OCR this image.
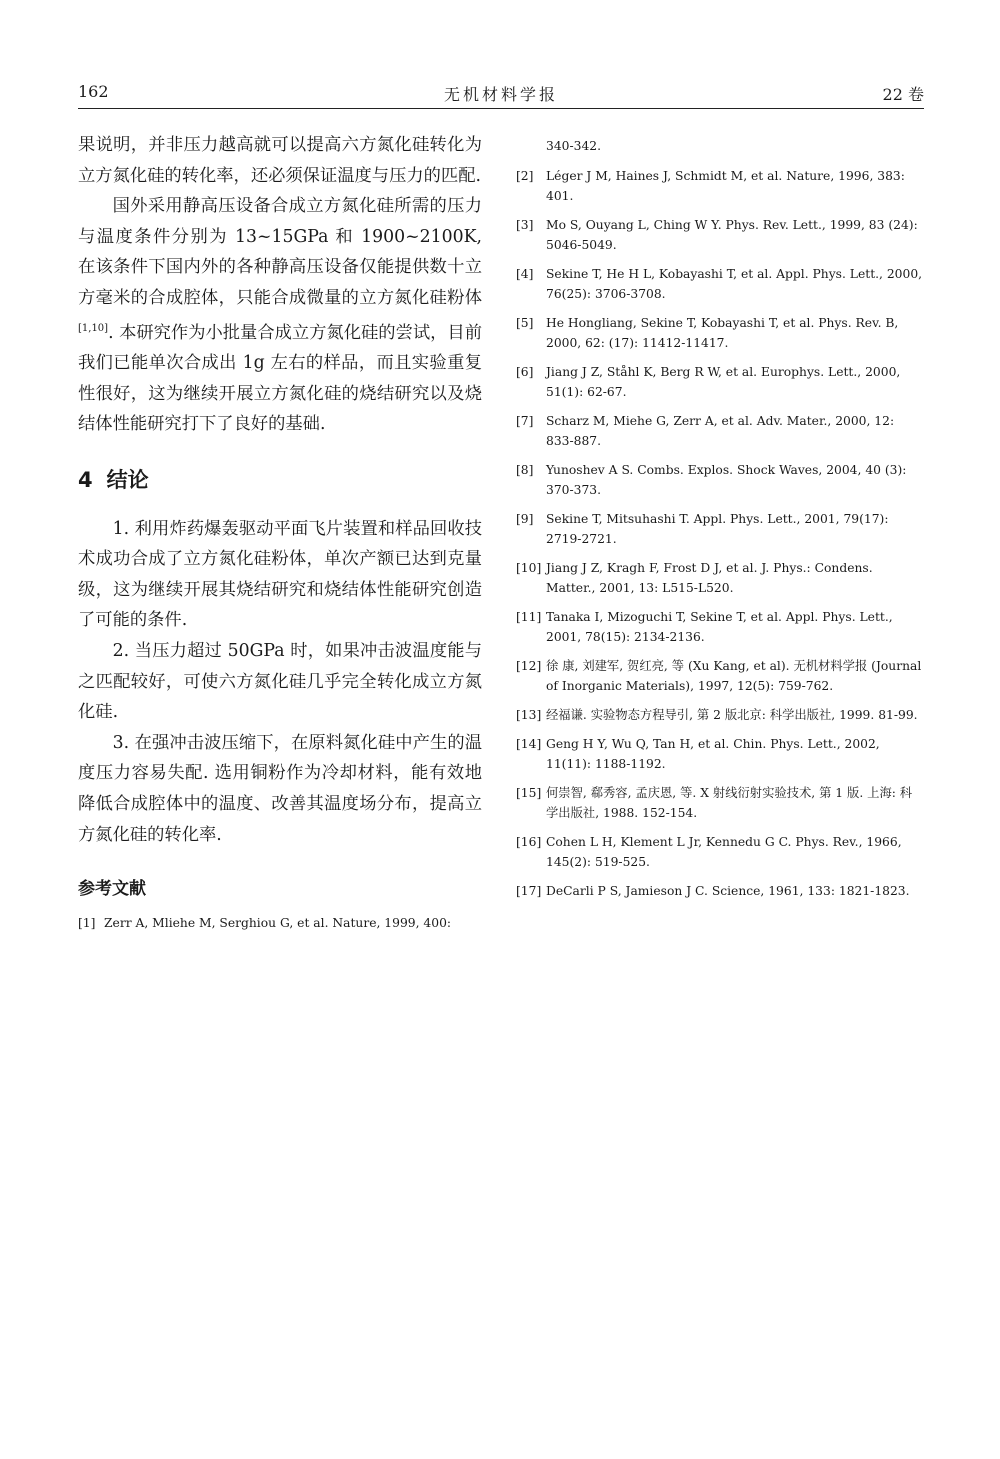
162	无机材料学报	22 卷

果说明，并非压力越高就可以提高六方氮化硅转化为立方氮化硅的转化率，还必须保证温度与压力的匹配.

国外采用静高压设备合成立方氮化硅所需的压力与温度条件分别为 13~15GPa 和 1900~2100K, 在该条件下国内外的各种静高压设备仅能提供数十立方毫米的合成腔体，只能合成微量的立方氮化硅粉体[1,10]. 本研究作为小批量合成立方氮化硅的尝试，目前我们已能单次合成出 1g 左右的样品，而且实验重复性很好，这为继续开展立方氮化硅的烧结研究以及烧结体性能研究打下了良好的基础.

4 结论

1. 利用炸药爆轰驱动平面飞片装置和样品回收技术成功合成了立方氮化硅粉体，单次产额已达到克量级，这为继续开展其烧结研究和烧结体性能研究创造了可能的条件.

2. 当压力超过 50GPa 时，如果冲击波温度能与之匹配较好，可使六方氮化硅几乎完全转化成立方氮化硅.

3. 在强冲击波压缩下，在原料氮化硅中产生的温度压力容易失配. 选用铜粉作为冷却材料，能有效地降低合成腔体中的温度、改善其温度场分布，提高立方氮化硅的转化率.

参考文献
[1] Zerr A, Mliehe M, Serghiou G, et al. Nature, 1999, 400:
340-342.
[2] Léger J M, Haines J, Schmidt M, et al. Nature, 1996, 383: 401.
[3] Mo S, Ouyang L, Ching W Y. Phys. Rev. Lett., 1999, 83 (24): 5046-5049.
[4] Sekine T, He H L, Kobayashi T, et al. Appl. Phys. Lett., 2000, 76(25): 3706-3708.
[5] He Hongliang, Sekine T, Kobayashi T, et al. Phys. Rev. B, 2000, 62: (17): 11412-11417.
[6] Jiang J Z, Ståhl K, Berg R W, et al. Europhys. Lett., 2000, 51(1): 62-67.
[7] Scharz M, Miehe G, Zerr A, et al. Adv. Mater., 2000, 12: 833-887.
[8] Yunoshev A S. Combs. Explos. Shock Waves, 2004, 40 (3): 370-373.
[9] Sekine T, Mitsuhashi T. Appl. Phys. Lett., 2001, 79(17): 2719-2721.
[10] Jiang J Z, Kragh F, Frost D J, et al. J. Phys.: Condens. Matter., 2001, 13: L515-L520.
[11] Tanaka I, Mizoguchi T, Sekine T, et al. Appl. Phys. Lett., 2001, 78(15): 2134-2136.
[12] 徐 康, 刘建军, 贺红亮, 等 (Xu Kang, et al). 无机材料学报 (Journal of Inorganic Materials), 1997, 12(5): 759-762.
[13] 经福谦. 实验物态方程导引, 第 2 版北京: 科学出版社, 1999. 81-99.
[14] Geng H Y, Wu Q, Tan H, et al. Chin. Phys. Lett., 2002, 11(11): 1188-1192.
[15] 何崇智, 郗秀容, 孟庆恩, 等. X 射线衍射实验技术, 第 1 版. 上海: 科学出版社, 1988. 152-154.
[16] Cohen L H, Klement L Jr, Kennedu G C. Phys. Rev., 1966, 145(2): 519-525.
[17] DeCarli P S, Jamieson J C. Science, 1961, 133: 1821-1823.
